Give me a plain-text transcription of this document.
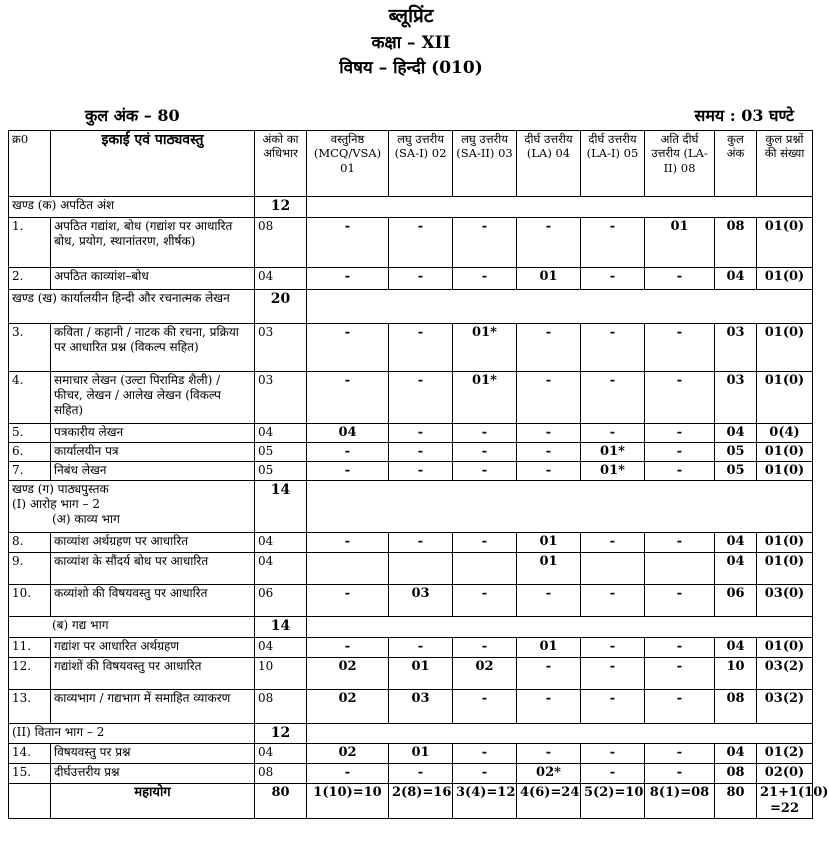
ब्लूप्रिंट
कक्षा – XII
विषय – हिन्दी (010)
कुल अंक – 80	समय : 03 घण्टे
क्र0	इकाई एवं पाठ्यवस्तु	अंको का अधिभार	वस्तुनिष्ठ (MCQ/VSA) 01	लघु उत्तरीय (SA-I) 02	लघु उत्तरीय (SA-II) 03	दीर्घ उत्तरीय (LA) 04	दीर्घ उत्तरीय (LA-I) 05	अति दीर्घ उत्तरीय (LA-II) 08	कुल अंक	कुल प्रश्नों की संख्या
खण्ड (क) अपठित अंश		12								
1.	अपठित गद्यांश, बोध (गद्यांश पर आधारित बोध, प्रयोग, स्थानांतरण, शीर्षक)	08	-	-	-	-	-	01	08	01(0)
2.	अपठित काव्यांश–बोध	04	-	-	-	01	-	-	04	01(0)
खण्ड (ख) कार्यालयीन हिन्दी और रचनात्मक लेखन		20								
3.	कविता / कहानी / नाटक की रचना, प्रक्रिया पर आधारित प्रश्न (विकल्प सहित)	03	-	-	01*	-	-	-	03	01(0)
4.	समाचार लेखन (उल्टा पिरामिड शैली) / फीचर, लेखन / आलेख लेखन (विकल्प सहित)	03	-	-	01*	-	-	-	03	01(0)
5.	पत्रकारीय लेखन	04	04	-	-	-	-	-	04	0(4)
6.	कार्यालयीन पत्र	05	-	-	-	-	01*	-	05	01(0)
7.	निबंध लेखन	05	-	-	-	-	01*	-	05	01(0)

खण्ड (ग) पाठ्यपुस्तक
(I) आरोह भाग – 2
(अ) काव्य भाग		14								
8.	काव्यांश अर्थग्रहण पर आधारित	04	-	-	-	01	-	-	04	01(0)
9.	काव्यांश के सौंदर्य बोध पर आधारित	04				01			04	01(0)
10.	कव्यांशो की विषयवस्तु पर आधारित	06	-	03	-	-	-	-	06	03(0)

(ब) गद्य भाग		14								
11.	गद्यांश पर आधारित अर्थग्रहण	04	-	-	-	01	-	-	04	01(0)
12.	गद्यांशों की विषयवस्तु पर आधारित	10	02	01	02	-	-	-	10	03(2)
13.	काव्यभाग / गद्यभाग में समाहित व्याकरण	08	02	03	-	-	-	-	08	03(2)
(II) वितान भाग – 2		12								
14.	विषयवस्तु पर प्रश्न	04	02	01	-	-	-	-	04	01(2)
15.	दीर्घउत्तरीय प्रश्न	08	-	-	-	02*	-	-	08	02(0)
	महायोग	80	1(10)=10	2(8)=16	3(4)=12	4(6)=24	5(2)=10	8(1)=08	80	21+1(10) =22
